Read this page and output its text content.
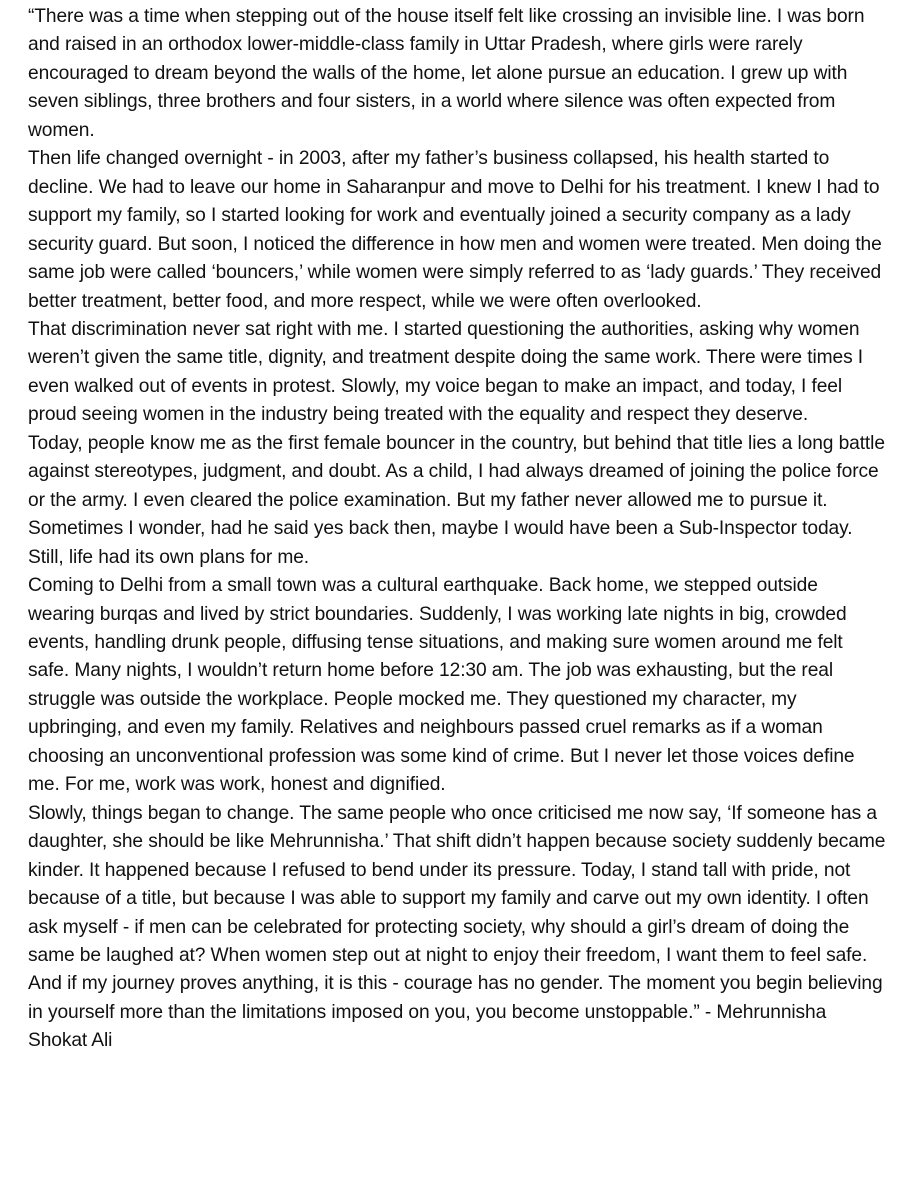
“There was a time when stepping out of the house itself felt like crossing an invisible line. I was born and raised in an orthodox lower-middle-class family in Uttar Pradesh, where girls were rarely encouraged to dream beyond the walls of the home, let alone pursue an education. I grew up with seven siblings, three brothers and four sisters, in a world where silence was often expected from women.

Then life changed overnight - in 2003, after my father’s business collapsed, his health started to decline. We had to leave our home in Saharanpur and move to Delhi for his treatment. I knew I had to support my family, so I started looking for work and eventually joined a security company as a lady security guard. But soon, I noticed the difference in how men and women were treated. Men doing the same job were called ‘bouncers,’ while women were simply referred to as ‘lady guards.’ They received better treatment, better food, and more respect, while we were often overlooked.

That discrimination never sat right with me. I started questioning the authorities, asking why women weren’t given the same title, dignity, and treatment despite doing the same work. There were times I even walked out of events in protest. Slowly, my voice began to make an impact, and today, I feel proud seeing women in the industry being treated with the equality and respect they deserve.

Today, people know me as the first female bouncer in the country, but behind that title lies a long battle against stereotypes, judgment, and doubt. As a child, I had always dreamed of joining the police force or the army. I even cleared the police examination. But my father never allowed me to pursue it. Sometimes I wonder, had he said yes back then, maybe I would have been a Sub-Inspector today. Still, life had its own plans for me.

Coming to Delhi from a small town was a cultural earthquake. Back home, we stepped outside wearing burqas and lived by strict boundaries. Suddenly, I was working late nights in big, crowded events, handling drunk people, diffusing tense situations, and making sure women around me felt safe. Many nights, I wouldn’t return home before 12:30 am. The job was exhausting, but the real struggle was outside the workplace. People mocked me. They questioned my character, my upbringing, and even my family. Relatives and neighbours passed cruel remarks as if a woman choosing an unconventional profession was some kind of crime. But I never let those voices define me. For me, work was work, honest and dignified.

Slowly, things began to change. The same people who once criticised me now say, ‘If someone has a daughter, she should be like Mehrunnisha.’ That shift didn’t happen because society suddenly became kinder. It happened because I refused to bend under its pressure. Today, I stand tall with pride, not because of a title, but because I was able to support my family and carve out my own identity. I often ask myself - if men can be celebrated for protecting society, why should a girl’s dream of doing the same be laughed at? When women step out at night to enjoy their freedom, I want them to feel safe. And if my journey proves anything, it is this - courage has no gender. The moment you begin believing in yourself more than the limitations imposed on you, you become unstoppable.” - Mehrunnisha Shokat Ali
